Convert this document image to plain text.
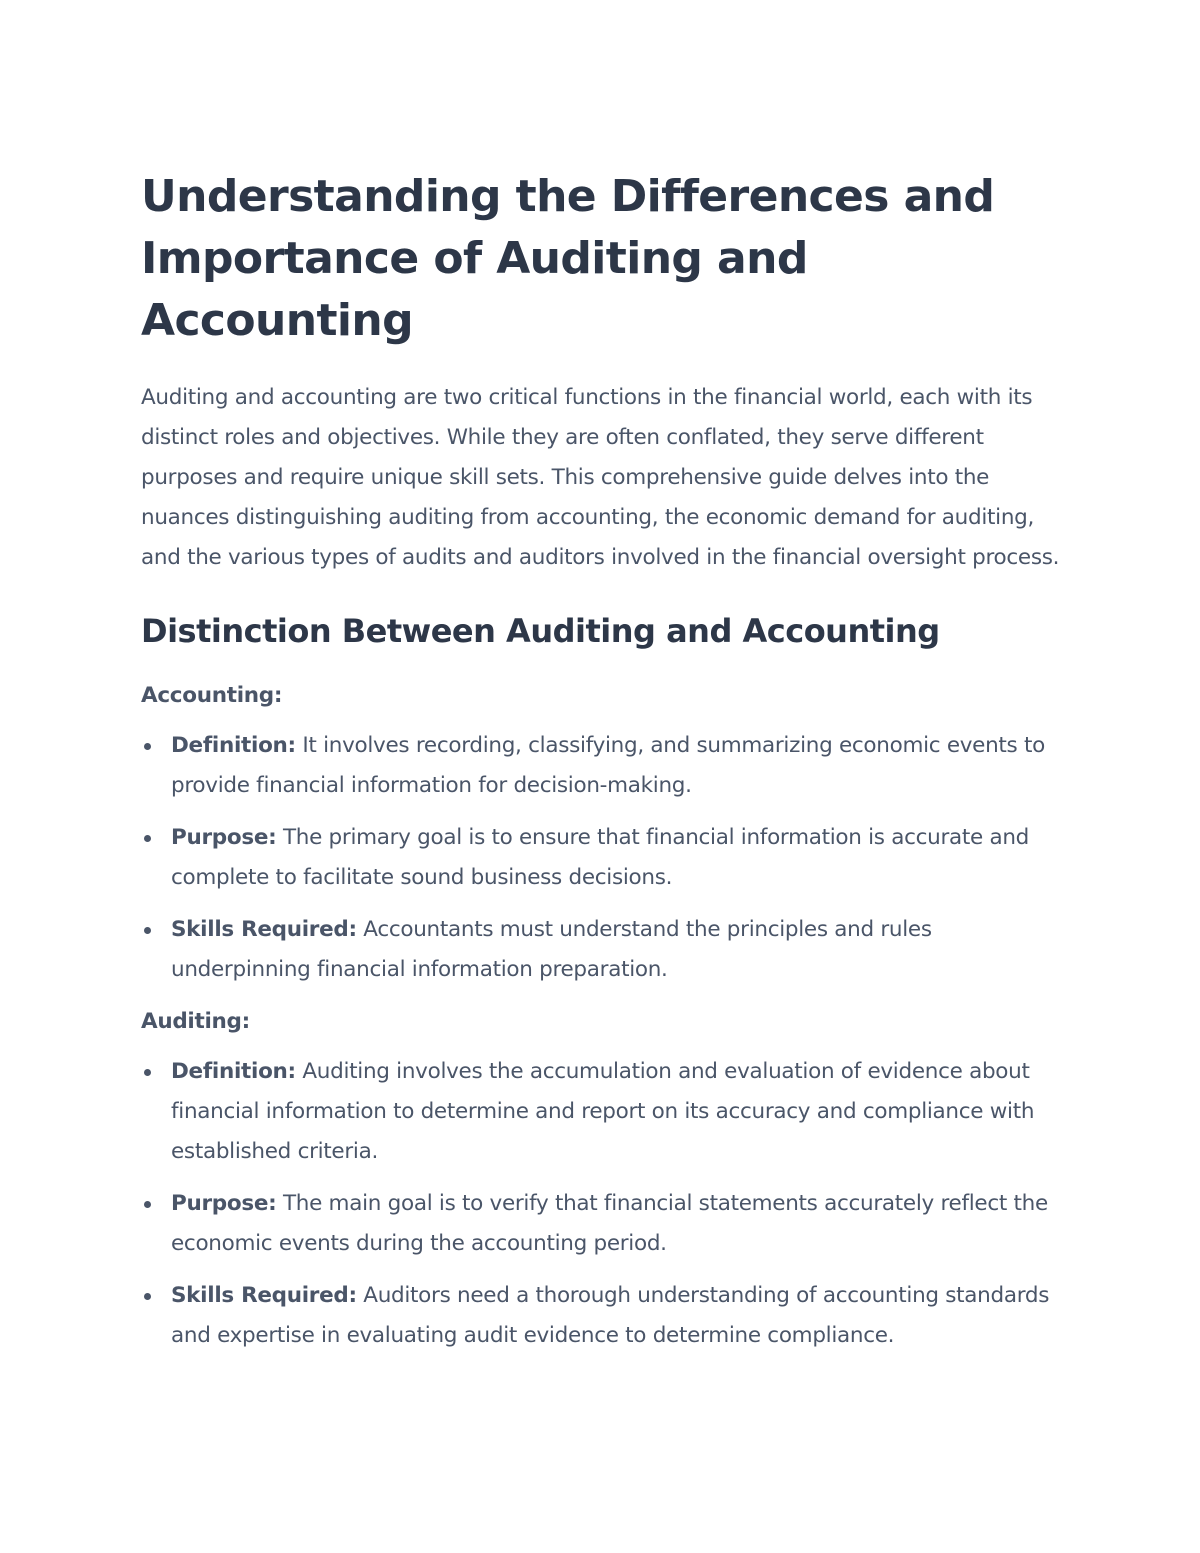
Understanding the Differences and Importance of Auditing and Accounting

Auditing and accounting are two critical functions in the financial world, each with its distinct roles and objectives. While they are often conflated, they serve different purposes and require unique skill sets. This comprehensive guide delves into the nuances distinguishing auditing from accounting, the economic demand for auditing, and the various types of audits and auditors involved in the financial oversight process.

Distinction Between Auditing and Accounting

Accounting:

Definition: It involves recording, classifying, and summarizing economic events to provide financial information for decision-making.
Purpose: The primary goal is to ensure that financial information is accurate and complete to facilitate sound business decisions.
Skills Required: Accountants must understand the principles and rules underpinning financial information preparation.

Auditing:

Definition: Auditing involves the accumulation and evaluation of evidence about financial information to determine and report on its accuracy and compliance with established criteria.
Purpose: The main goal is to verify that financial statements accurately reflect the economic events during the accounting period.
Skills Required: Auditors need a thorough understanding of accounting standards and expertise in evaluating audit evidence to determine compliance.
